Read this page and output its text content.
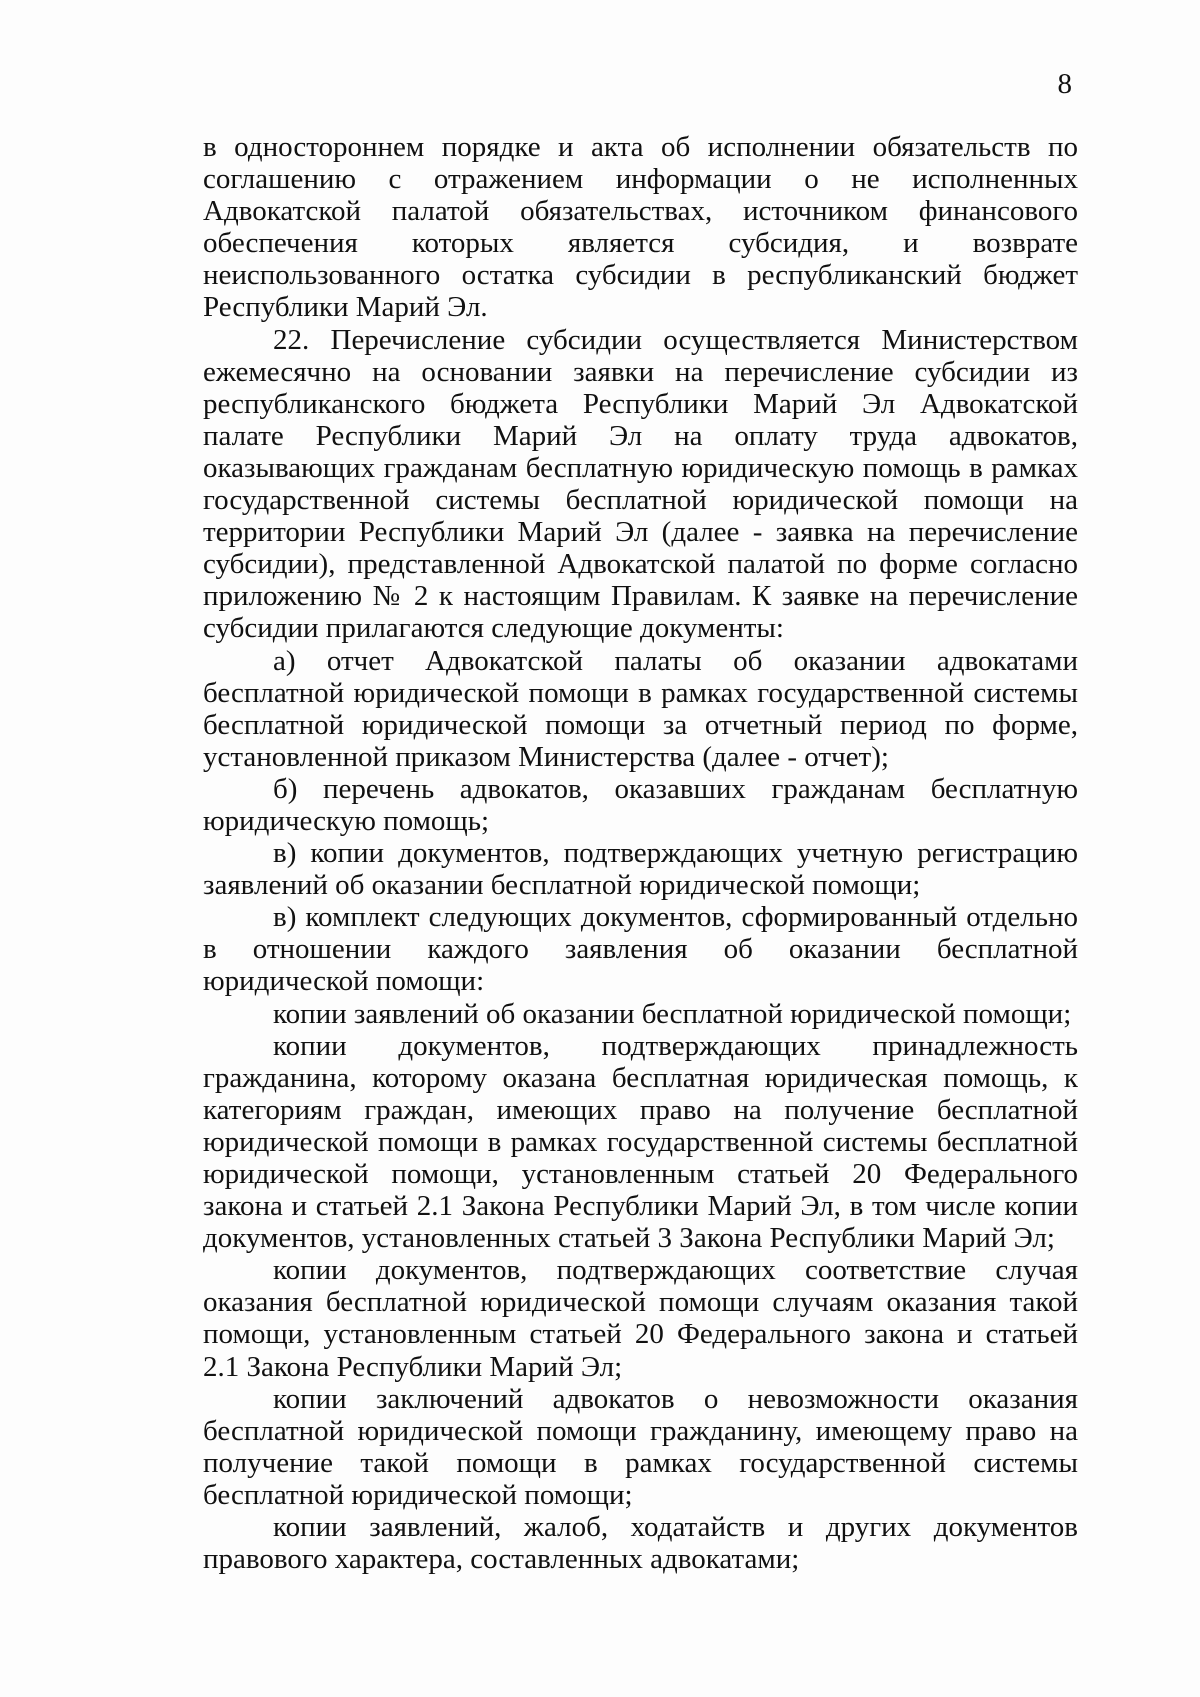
8

в одностороннем порядке и акта об исполнении обязательств по соглашению с отражением информации о не исполненных Адвокатской палатой обязательствах, источником финансового обеспечения которых является субсидия, и возврате неиспользованного остатка субсидии в республиканский бюджет Республики Марий Эл.

22. Перечисление субсидии осуществляется Министерством ежемесячно на основании заявки на перечисление субсидии из республиканского бюджета Республики Марий Эл Адвокатской палате Республики Марий Эл на оплату труда адвокатов, оказывающих гражданам бесплатную юридическую помощь в рамках государственной системы бесплатной юридической помощи на территории Республики Марий Эл (далее - заявка на перечисление субсидии), представленной Адвокатской палатой по форме согласно приложению № 2 к настоящим Правилам. К заявке на перечисление субсидии прилагаются следующие документы:

а) отчет Адвокатской палаты об оказании адвокатами бесплатной юридической помощи в рамках государственной системы бесплатной юридической помощи за отчетный период по форме, установленной приказом Министерства (далее - отчет);

б) перечень адвокатов, оказавших гражданам бесплатную юридическую помощь;

в) копии документов, подтверждающих учетную регистрацию заявлений об оказании бесплатной юридической помощи;

в) комплект следующих документов, сформированный отдельно в отношении каждого заявления об оказании бесплатной юридической помощи:

копии заявлений об оказании бесплатной юридической помощи;

копии документов, подтверждающих принадлежность гражданина, которому оказана бесплатная юридическая помощь, к категориям граждан, имеющих право на получение бесплатной юридической помощи в рамках государственной системы бесплатной юридической помощи, установленным статьей 20 Федерального закона и статьей 2.1 Закона Республики Марий Эл, в том числе копии документов, установленных статьей 3 Закона Республики Марий Эл;

копии документов, подтверждающих соответствие случая оказания бесплатной юридической помощи случаям оказания такой помощи, установленным статьей 20 Федерального закона и статьей 2.1 Закона Республики Марий Эл;

копии заключений адвокатов о невозможности оказания бесплатной юридической помощи гражданину, имеющему право на получение такой помощи в рамках государственной системы бесплатной юридической помощи;

копии заявлений, жалоб, ходатайств и других документов правового характера, составленных адвокатами;
